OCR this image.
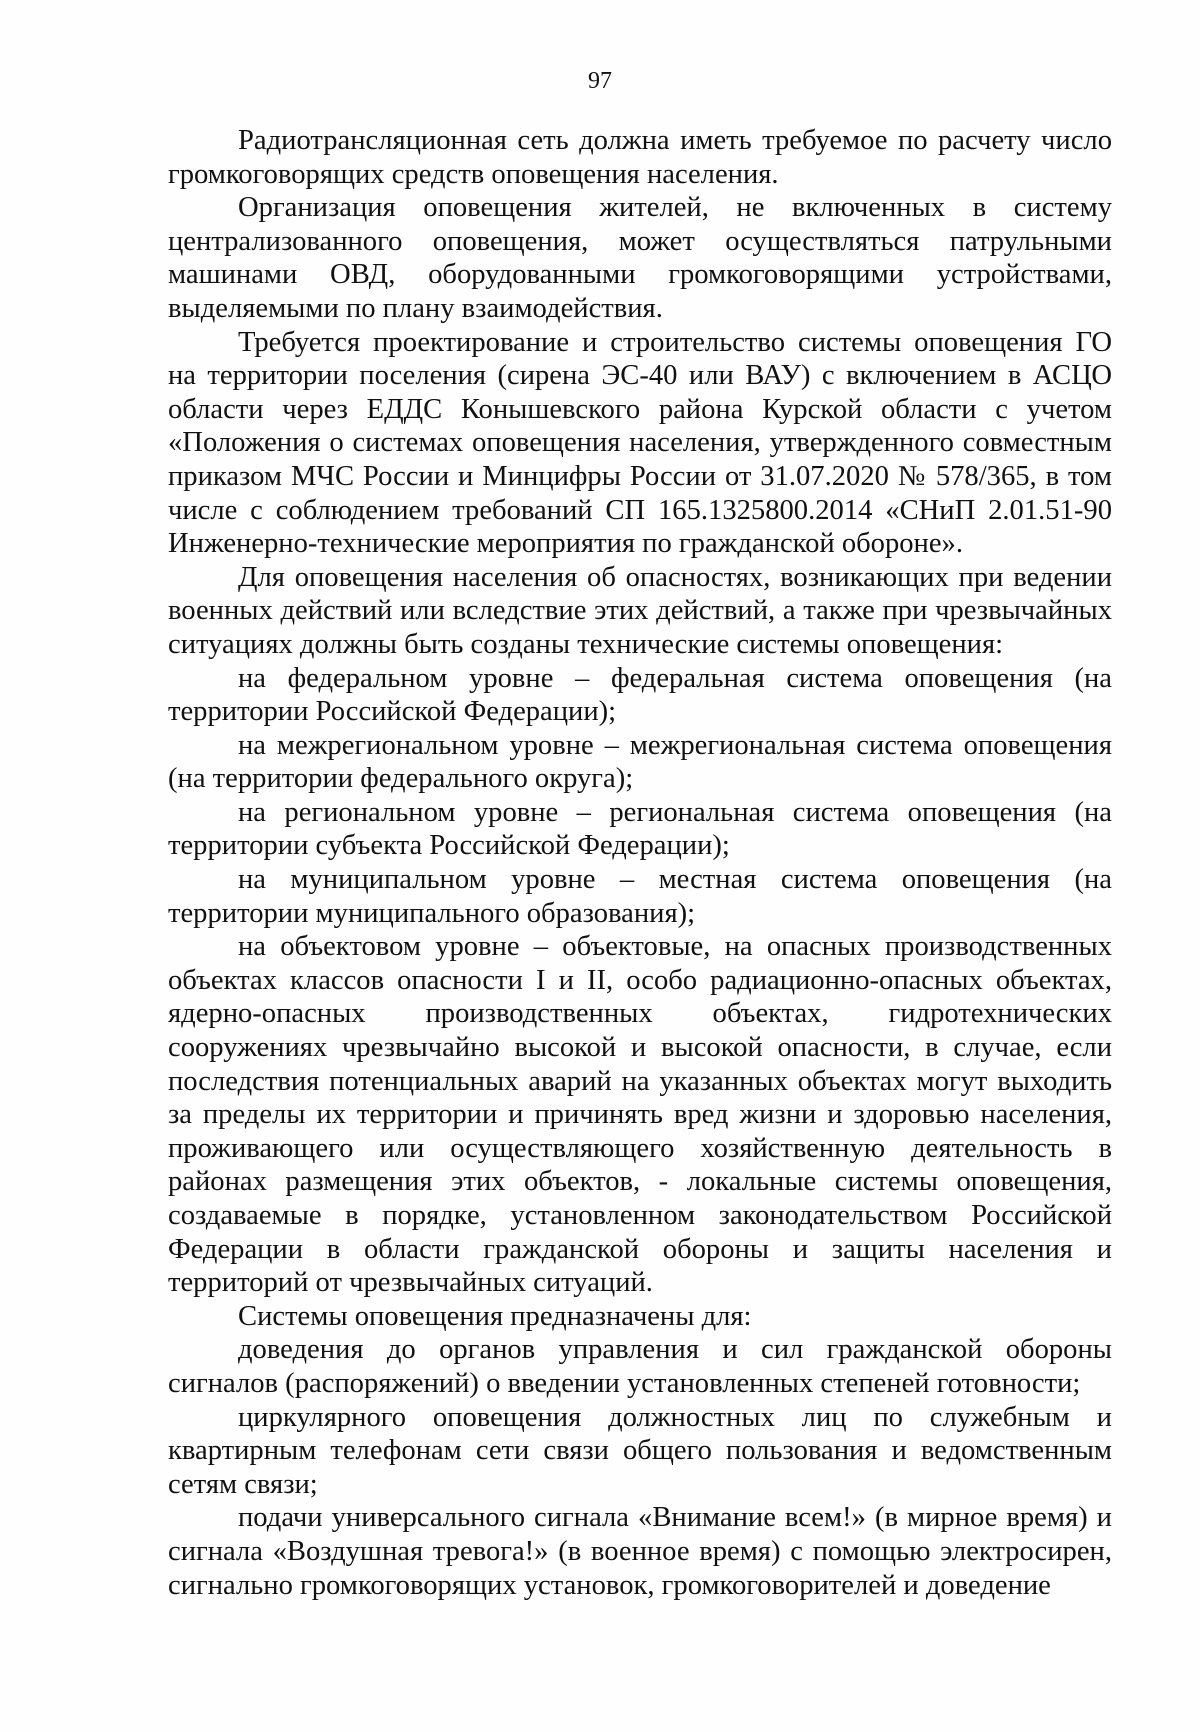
97

Радиотрансляционная сеть должна иметь требуемое по расчету число громкоговорящих средств оповещения населения.

Организация оповещения жителей, не включенных в систему централизованного оповещения, может осуществляться патрульными машинами ОВД, оборудованными громкоговорящими устройствами, выделяемыми по плану взаимодействия.

Требуется проектирование и строительство системы оповещения ГО на территории поселения (сирена ЭС-40 или ВАУ) с включением в АСЦО области через ЕДДС Конышевского района Курской области с учетом «Положения о системах оповещения населения, утвержденного совместным приказом МЧС России и Минцифры России от 31.07.2020 № 578/365, в том числе с соблюдением требований СП 165.1325800.2014 «СНиП 2.01.51-90 Инженерно-технические мероприятия по гражданской обороне».

Для оповещения населения об опасностях, возникающих при ведении военных действий или вследствие этих действий, а также при чрезвычайных ситуациях должны быть созданы технические системы оповещения:

на федеральном уровне – федеральная система оповещения (на территории Российской Федерации);

на межрегиональном уровне – межрегиональная система оповещения (на территории федерального округа);

на региональном уровне – региональная система оповещения (на территории субъекта Российской Федерации);

на муниципальном уровне – местная система оповещения (на территории муниципального образования);

на объектовом уровне – объектовые, на опасных производственных объектах классов опасности I и II, особо радиационно-опасных объектах, ядерно-опасных производственных объектах, гидротехнических сооружениях чрезвычайно высокой и высокой опасности, в случае, если последствия потенциальных аварий на указанных объектах могут выходить за пределы их территории и причинять вред жизни и здоровью населения, проживающего или осуществляющего хозяйственную деятельность в районах размещения этих объектов, - локальные системы оповещения, создаваемые в порядке, установленном законодательством Российской Федерации в области гражданской обороны и защиты населения и территорий от чрезвычайных ситуаций.

Системы оповещения предназначены для:

доведения до органов управления и сил гражданской обороны сигналов (распоряжений) о введении установленных степеней готовности;

циркулярного оповещения должностных лиц по служебным и квартирным телефонам сети связи общего пользования и ведомственным сетям связи;

подачи универсального сигнала «Внимание всем!» (в мирное время) и сигнала «Воздушная тревога!» (в военное время) с помощью электросирен, сигнально громкоговорящих установок, громкоговорителей и доведение
